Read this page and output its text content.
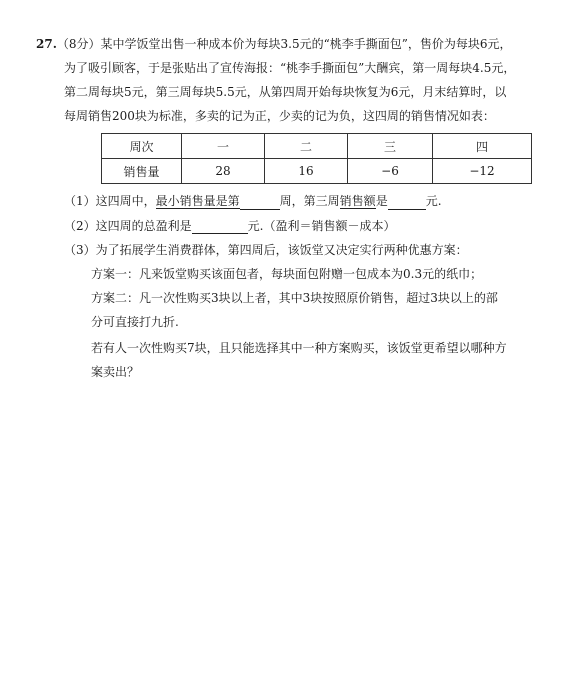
27.（8分）某中学饭堂出售一种成本价为每块3.5元的“桃李手撕面包”，售价为每块6元，
为了吸引顾客，于是张贴出了宣传海报：“桃李手撕面包”大酬宾，第一周每块4.5元，
第二周每块5元，第三周每块5.5元，从第四周开始每块恢复为6元，月末结算时，以
每周销售200块为标准，多卖的记为正，少卖的记为负，这四周的销售情况如表：
周次	一	二	三	四
销售量	28	16	−6	−12
（1）这四周中，最小销售量是第	周，第三周销售额是	元.
（2）这四周的总盈利是	元.（盈利＝销售额－成本）
（3）为了拓展学生消费群体，第四周后，该饭堂又决定实行两种优惠方案：
方案一：凡来饭堂购买该面包者，每块面包附赠一包成本为0.3元的纸巾；
方案二：凡一次性购买3块以上者，其中3块按照原价销售，超过3块以上的部
分可直接打九折.
若有人一次性购买7块，且只能选择其中一种方案购买，该饭堂更希望以哪种方
案卖出？
